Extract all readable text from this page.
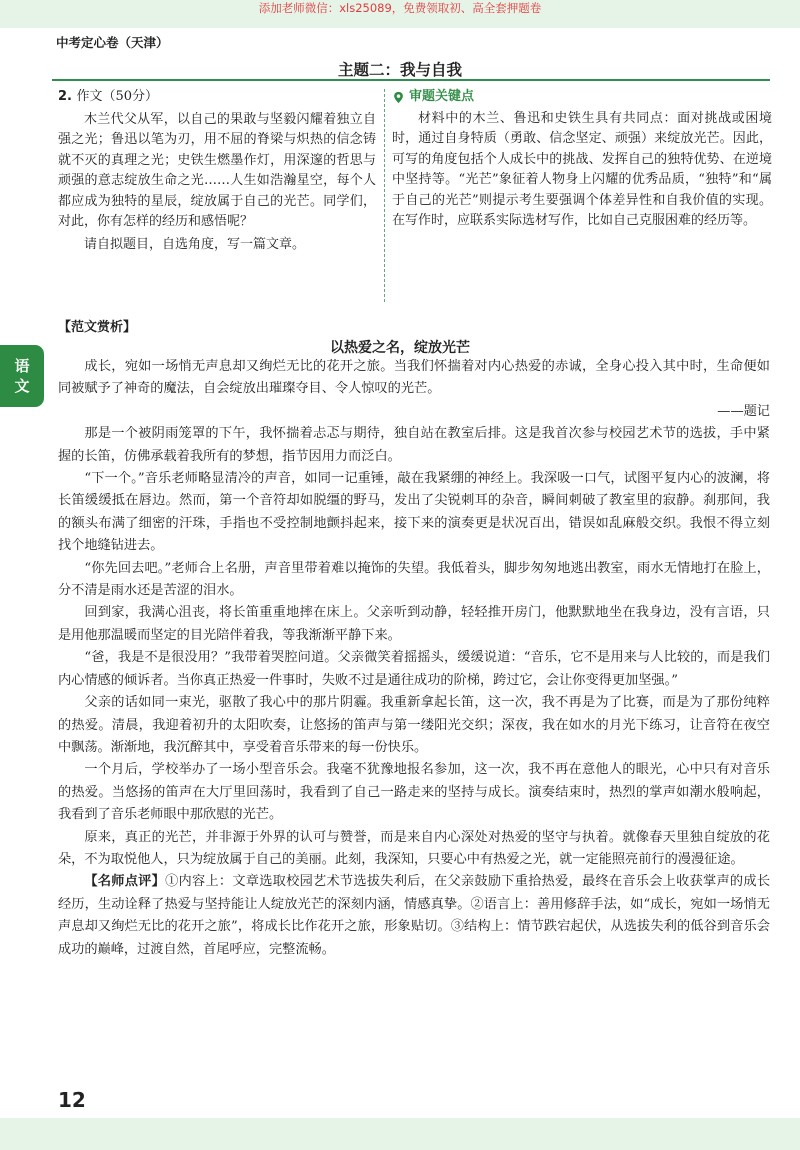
添加老师微信：xls25089，免费领取初、高全套押题卷
中考定心卷（天津）
主题二：我与自我
语
文
2. 作文（50分）

木兰代父从军，以自己的果敢与坚毅闪耀着独立自强之光；鲁迅以笔为刃，用不屈的脊梁与炽热的信念铸就不灭的真理之光；史铁生燃墨作灯，用深邃的哲思与顽强的意志绽放生命之光……人生如浩瀚星空，每个人都应成为独特的星辰，绽放属于自己的光芒。同学们，对此，你有怎样的经历和感悟呢？

请自拟题目，自选角度，写一篇文章。

审题关键点

材料中的木兰、鲁迅和史铁生具有共同点：面对挑战或困境时，通过自身特质（勇敢、信念坚定、顽强）来绽放光芒。因此，可写的角度包括个人成长中的挑战、发挥自己的独特优势、在逆境中坚持等。“光芒”象征着人物身上闪耀的优秀品质，“独特”和“属于自己的光芒”则提示考生要强调个体差异性和自我价值的实现。在写作时，应联系实际选材写作，比如自己克服困难的经历等。

【范文赏析】
以热爱之名，绽放光芒

成长，宛如一场悄无声息却又绚烂无比的花开之旅。当我们怀揣着对内心热爱的赤诚，全身心投入其中时，生命便如同被赋予了神奇的魔法，自会绽放出璀璨夺目、令人惊叹的光芒。

——题记

那是一个被阴雨笼罩的下午，我怀揣着忐忑与期待，独自站在教室后排。这是我首次参与校园艺术节的选拔，手中紧握的长笛，仿佛承载着我所有的梦想，指节因用力而泛白。

“下一个。”音乐老师略显清冷的声音，如同一记重锤，敲在我紧绷的神经上。我深吸一口气，试图平复内心的波澜，将长笛缓缓抵在唇边。然而，第一个音符却如脱缰的野马，发出了尖锐刺耳的杂音，瞬间刺破了教室里的寂静。刹那间，我的额头布满了细密的汗珠，手指也不受控制地颤抖起来，接下来的演奏更是状况百出，错误如乱麻般交织。我恨不得立刻找个地缝钻进去。

“你先回去吧。”老师合上名册，声音里带着难以掩饰的失望。我低着头，脚步匆匆地逃出教室，雨水无情地打在脸上，分不清是雨水还是苦涩的泪水。

回到家，我满心沮丧，将长笛重重地摔在床上。父亲听到动静，轻轻推开房门，他默默地坐在我身边，没有言语，只是用他那温暖而坚定的目光陪伴着我，等我渐渐平静下来。

“爸，我是不是很没用？”我带着哭腔问道。父亲微笑着摇摇头，缓缓说道：“音乐，它不是用来与人比较的，而是我们内心情感的倾诉者。当你真正热爱一件事时，失败不过是通往成功的阶梯，跨过它，会让你变得更加坚强。”

父亲的话如同一束光，驱散了我心中的那片阴霾。我重新拿起长笛，这一次，我不再是为了比赛，而是为了那份纯粹的热爱。清晨，我迎着初升的太阳吹奏，让悠扬的笛声与第一缕阳光交织；深夜，我在如水的月光下练习，让音符在夜空中飘荡。渐渐地，我沉醉其中，享受着音乐带来的每一份快乐。

一个月后，学校举办了一场小型音乐会。我毫不犹豫地报名参加，这一次，我不再在意他人的眼光，心中只有对音乐的热爱。当悠扬的笛声在大厅里回荡时，我看到了自己一路走来的坚持与成长。演奏结束时，热烈的掌声如潮水般响起，我看到了音乐老师眼中那欣慰的光芒。

原来，真正的光芒，并非源于外界的认可与赞誉，而是来自内心深处对热爱的坚守与执着。就像春天里独自绽放的花朵，不为取悦他人，只为绽放属于自己的美丽。此刻，我深知，只要心中有热爱之光，就一定能照亮前行的漫漫征途。

【名师点评】①内容上：文章选取校园艺术节选拔失利后，在父亲鼓励下重拾热爱，最终在音乐会上收获掌声的成长经历，生动诠释了热爱与坚持能让人绽放光芒的深刻内涵，情感真挚。②语言上：善用修辞手法，如“成长，宛如一场悄无声息却又绚烂无比的花开之旅”，将成长比作花开之旅，形象贴切。③结构上：情节跌宕起伏，从选拔失利的低谷到音乐会成功的巅峰，过渡自然，首尾呼应，完整流畅。

12
